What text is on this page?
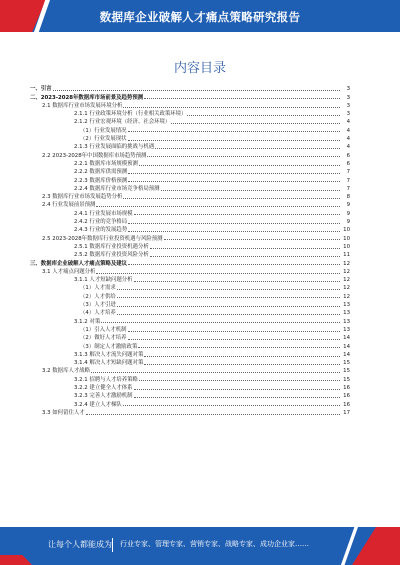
数据库企业破解人才痛点策略研究报告
内容目录
一、引言	3
二、2023-2028年数据库市场前景及趋势预测	3
2.1 数据库行业市场发展环境分析	3
2.1.1 行业政策环境分析（行业相关政策环境）	3
2.1.2 行业宏观环境（经济、社会环境）	4
（1）行业发展情况	4
（2）行业发展现状	4
2.1.3 行业发展面临的挑战与机遇	4
2.2 2023-2028年中国数据库市场趋势预测	6
2.2.1 数据库市场规模预测	6
2.2.2 数据库供需预测	7
2.2.3 数据库价格预测	7
2.2.4 数据库行业市场竞争格局预测	7
2.3 数据库行业市场发展趋势分析	8
2.4 行业发展前景预测	9
2.4.1 行业发展市场规模	9
2.4.2 行业的竞争格局	9
2.4.3 行业的发展趋势	10
2.5 2023-2028年数据库行业投资机遇与风险预测	10
2.5.1 数据库行业投资机遇分析	10
2.5.2 数据库行业投资风险分析	11
三、数据库企业破解人才痛点策略及建议	12
3.1 人才痛点问题分析	12
3.1.1 人才短缺问题分析	12
（1）人才需求	12
（2）人才供给	12
（3）人才引进	13
（4）人才培养	13
3.1.2 对策	13
（1）引入人才机制	13
（2）做好人才培养	14
（3）制定人才激励政策	14
3.1.3 解决人才流失问题对策	14
3.1.4 解决人才短缺问题对策	15
3.2 数据库人才战略	15
3.2.1 招聘与人才培养策略	15
3.2.2 建立健全人才体系	16
3.2.3 完善人才激励机制	16
3.2.4 建立人才梯队	16
3.3 如何留住人才	17
让每个人都能成为 行业专家、管理专家、营销专家、战略专家、成功企业家……
